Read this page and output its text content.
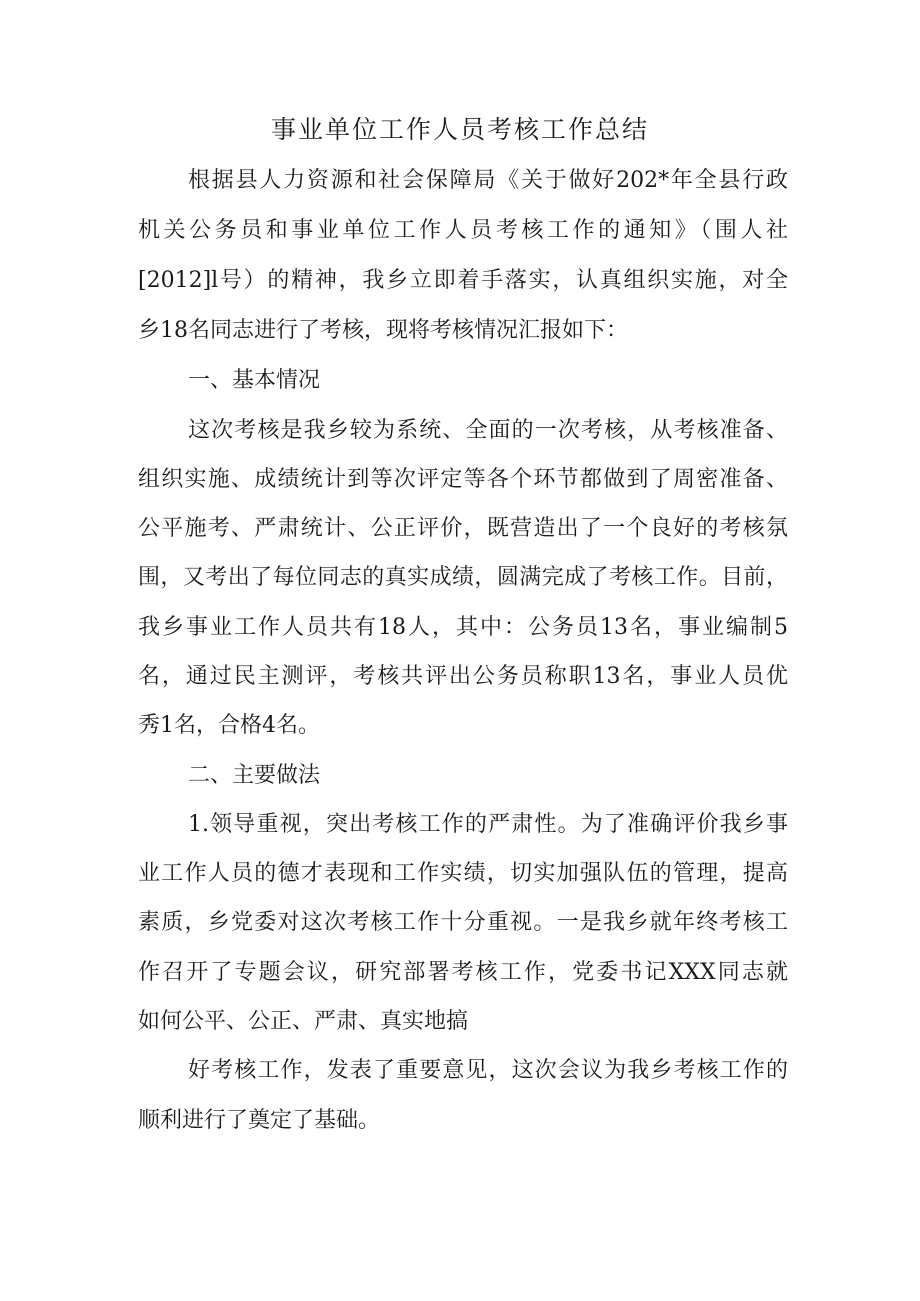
事业单位工作人员考核工作总结

根据县人力资源和社会保障局《关于做好202*年全县行政

机关公务员和事业单位工作人员考核工作的通知》（围人社

[2012]l号）的精神，我乡立即着手落实，认真组织实施，对全

乡18名同志进行了考核，现将考核情况汇报如下：

一、基本情况

这次考核是我乡较为系统、全面的一次考核，从考核准备、

组织实施、成绩统计到等次评定等各个环节都做到了周密准备、

公平施考、严肃统计、公正评价，既营造出了一个良好的考核氛

围，又考出了每位同志的真实成绩，圆满完成了考核工作。目前，

我乡事业工作人员共有18人，其中：公务员13名，事业编制5

名，通过民主测评，考核共评出公务员称职13名，事业人员优

秀1名，合格4名。

二、主要做法

1.领导重视，突出考核工作的严肃性。为了准确评价我乡事

业工作人员的德才表现和工作实绩，切实加强队伍的管理，提高

素质，乡党委对这次考核工作十分重视。一是我乡就年终考核工

作召开了专题会议，研究部署考核工作，党委书记XXX同志就

如何公平、公正、严肃、真实地搞

好考核工作，发表了重要意见，这次会议为我乡考核工作的

顺利进行了奠定了基础。
